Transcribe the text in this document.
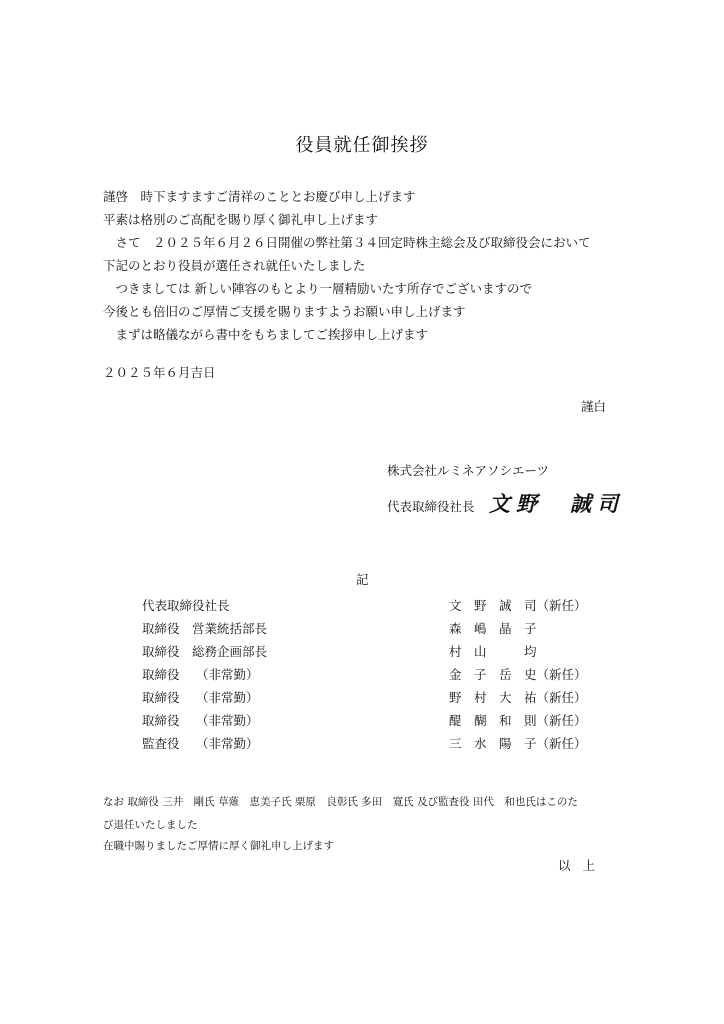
役員就任御挨拶
謹啓　時下ますますご清祥のこととお慶び申し上げます
平素は格別のご高配を賜り厚く御礼申し上げます
　さて　２０２５年６月２６日開催の弊社第３４回定時株主総会及び取締役会において
下記のとおり役員が選任され就任いたしました
　つきましては 新しい陣容のもとより一層精励いたす所存でございますので
今後とも倍旧のご厚情ご支援を賜りますようお願い申し上げます
　まずは略儀ながら書中をもちましてご挨拶申し上げます
２０２５年６月吉日
謹白
株式会社ルミネアソシエーツ
代表取締役社長 文野　誠司
記
代表取締役社長	文　野　誠　司（新任）
取締役　営業統括部長	森　嶋　晶　子
取締役　総務企画部長	村　山　　　均
取締役　 （非常勤）	金　子　岳　史（新任）
取締役　 （非常勤）	野　村　大　祐（新任）
取締役　 （非常勤）	醍　醐　和　則（新任）
監査役　 （非常勤）	三　水　陽　子（新任）
なお 取締役 三井　剛氏 草薙　恵美子氏 栗原　良彰氏 多田　寛氏 及び監査役 田代　和也氏はこのた
び退任いたしました
在職中賜りましたご厚情に厚く御礼申し上げます
以上
